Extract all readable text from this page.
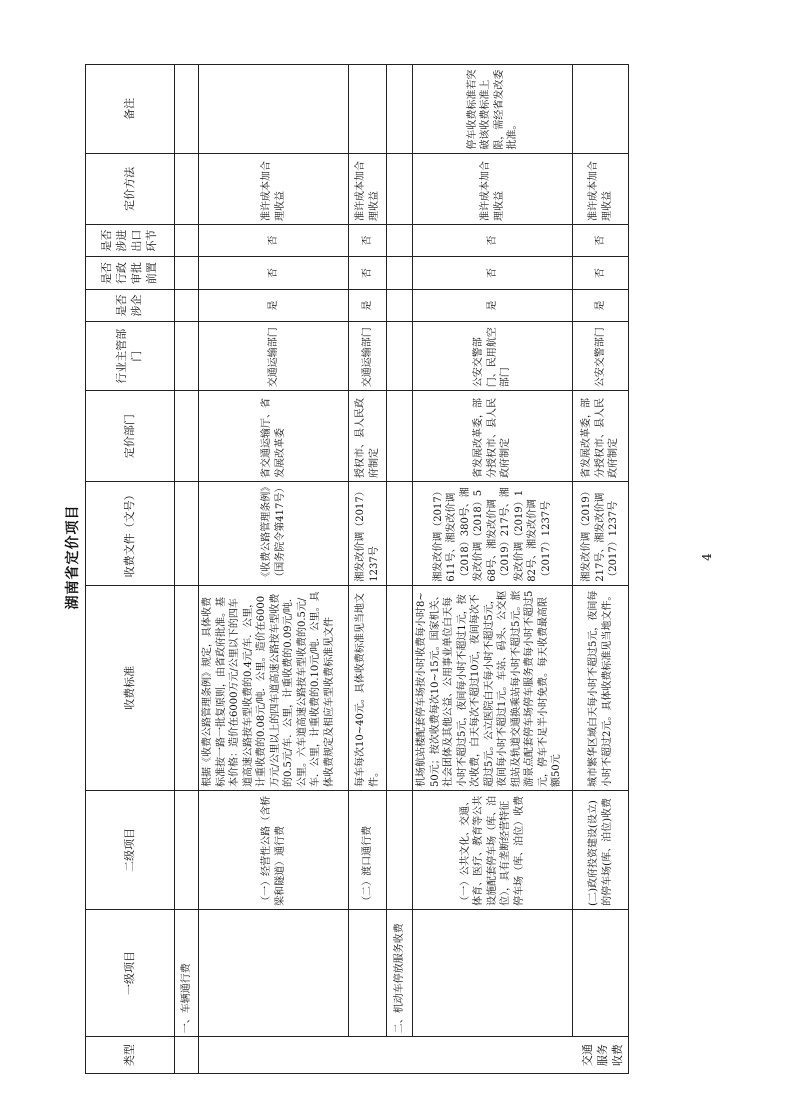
湖南省定价项目
类型	一级项目	二级项目	收费标准	收费文件（文号）	定价部门	行业主管部门	是否涉企	是否行政审批前置	是否涉进出口环节	定价方法	备注
	一、车辆通行费										
交通服务收费		（一）经营性公路（含桥梁和隧道）通行费	根据《收费公路管理条例》规定，具体收费标准按一路一批复原则，由省政府批准。基本价格：造价在6000万元/公里以下的四车道高速公路按车型收费的0.4元/车．公里，计重收费的0.08元/吨．公里。造价在6000万元/公里以上的四车道高速公路按车型收费的0.5元/车．公里，计重收费的0.09元/吨．公里。六车道高速公路按车型收费的0.5元/车．公里，计重收费的0.10元/吨．公里。具体收费规定及相应车型收费标准见文件	《收费公路管理条例》（国务院令第417号）	省交通运输厅、省发展改革委	交通运输部门	是	否	否	准许成本加合理收益	
		（二）渡口通行费	每车每次10~40元。具体收费标准见当地文件。	湘发改价调（2017）1237号	授权市、县人民政府制定	交通运输部门	是	否	否	准许成本加合理收益	
	二、机动车停放服务收费										
		（一）公共文化、交通、体育、医疗、教育等公共设施配套停车场（库、泊位），具有垄断经营特征停车场（库、泊位）收费	机场航站楼配套停车场按小时收费每小时8~50元；按次收费每次10~15元。国家机关、社会团体及其他公益、公用事业单位白天每小时不超过5元，夜间每小时不超过1元，按次收费，白天每次不超过10元，夜间每次不超过5元。公立医院白天每小时不超过5元，夜间每小时不超过1元。车站、码头、公交枢纽站及轨道交通换乘站每小时不超过5元。旅游景点配套停车场停车服务费每小时不超过5元，停车不足半小时免费。每天收费最高限额50元	湘发改价调（2017）611号、湘发改价调（2018）380号、湘发改价调（2018）568号、湘发改价调（2019）217号、湘发改价调（2019）182号、湘发改价调（2017）1237号	省发展改革委，部分授权市、县人民政府制定	公安交警部门、民用航空部门	是	否	否	准许成本加合理收益	停车收费标准若突破该收费标准上限，需经省发改委批准。
		(二)政府投资建设(设立)的停车场(库、泊位)收费	城市繁华区域白天每小时不超过5元，夜间每小时不超过2元。具体收费标准见当地文件。	湘发改价调（2019）217号、湘发改价调（2017）1237号	省发展改革委，部分授权市、县人民政府制定	公安交警部门	是	否	否	准许成本加合理收益	
4
